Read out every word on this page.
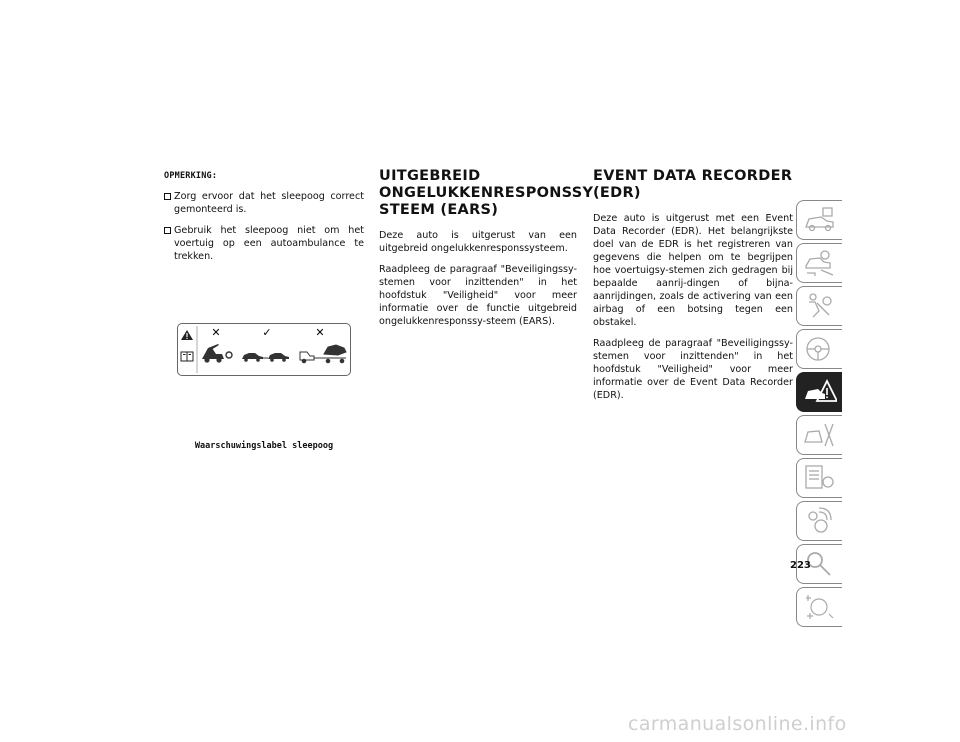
OPMERKING:
Zorg ervoor dat het sleepoog correct gemonteerd is.
Gebruik het sleepoog niet om het voertuig op een autoambulance te trekken.
✕	✓	✕
Waarschuwingslabel sleepoog
UITGEBREID ONGELUKKENRESPONSSY STEEM (EARS)

Deze auto is uitgerust van een uitgebreid ongelukkenresponssysteem.

Raadpleeg de paragraaf "Beveiligingssy-stemen voor inzittenden" in het hoofdstuk "Veiligheid" voor meer informatie over de functie uitgebreid ongelukkenresponssy-steem (EARS).

EVENT DATA RECORDER (EDR)

Deze auto is uitgerust met een Event Data Recorder (EDR). Het belangrijkste doel van de EDR is het registreren van gegevens die helpen om te begrijpen hoe voertuigsy-stemen zich gedragen bij bepaalde aanrij-dingen of bijna-aanrijdingen, zoals de activering van een airbag of een botsing tegen een obstakel.

Raadpleeg de paragraaf "Beveiligingssy-stemen voor inzittenden" in het hoofdstuk "Veiligheid" voor meer informatie over de Event Data Recorder (EDR).

223
carmanualsonline.info
